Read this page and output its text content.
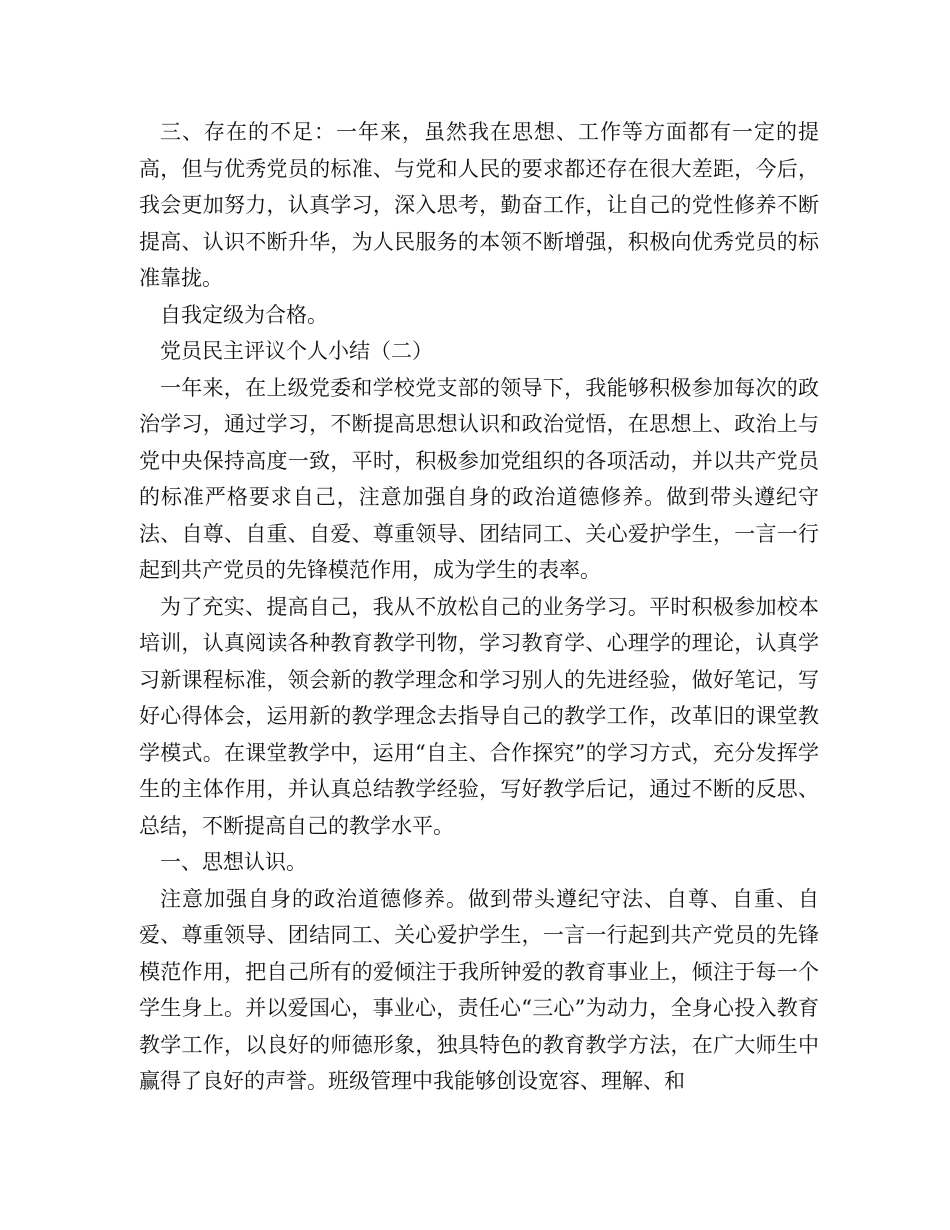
三、存在的不足：一年来，虽然我在思想、工作等方面都有一定的提高，但与优秀党员的标准、与党和人民的要求都还存在很大差距，今后，我会更加努力，认真学习，深入思考，勤奋工作，让自己的党性修养不断提高、认识不断升华，为人民服务的本领不断增强，积极向优秀党员的标准靠拢。

自我定级为合格。

党员民主评议个人小结（二）

一年来，在上级党委和学校党支部的领导下，我能够积极参加每次的政治学习，通过学习，不断提高思想认识和政治觉悟，在思想上、政治上与党中央保持高度一致，平时，积极参加党组织的各项活动，并以共产党员的标准严格要求自己，注意加强自身的政治道德修养。做到带头遵纪守法、自尊、自重、自爱、尊重领导、团结同工、关心爱护学生，一言一行起到共产党员的先锋模范作用，成为学生的表率。

为了充实、提高自己，我从不放松自己的业务学习。平时积极参加校本培训，认真阅读各种教育教学刊物，学习教育学、心理学的理论，认真学习新课程标准，领会新的教学理念和学习别人的先进经验，做好笔记，写好心得体会，运用新的教学理念去指导自己的教学工作，改革旧的课堂教学模式。在课堂教学中，运用“自主、合作探究”的学习方式，充分发挥学生的主体作用，并认真总结教学经验，写好教学后记，通过不断的反思、总结，不断提高自己的教学水平。

一、思想认识。

注意加强自身的政治道德修养。做到带头遵纪守法、自尊、自重、自爱、尊重领导、团结同工、关心爱护学生，一言一行起到共产党员的先锋模范作用，把自己所有的爱倾注于我所钟爱的教育事业上，倾注于每一个学生身上。并以爱国心，事业心，责任心“三心”为动力，全身心投入教育教学工作，以良好的师德形象，独具特色的教育教学方法，在广大师生中赢得了良好的声誉。班级管理中我能够创设宽容、理解、和
